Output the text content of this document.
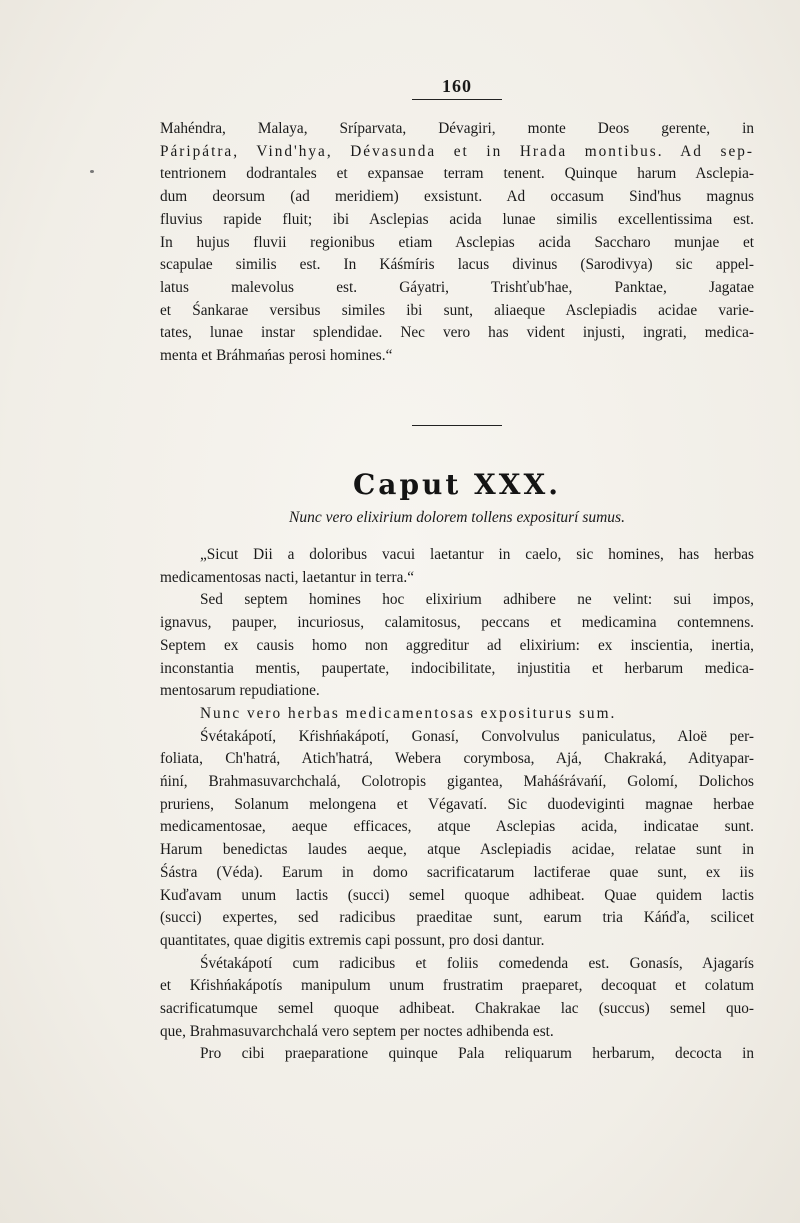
160
Mahéndra, Malaya, Sríparvata, Dévagiri, monte Deos gerente, in
Páripátra, Vind'hya, Dévasunda et in Hrada montibus. Ad sep-
tentrionem dodrantales et expansae terram tenent. Quinque harum Asclepia-
dum deorsum (ad meridiem) exsistunt. Ad occasum Sind'hus magnus
fluvius rapide fluit; ibi Asclepias acida lunae similis excellentissima est.
In hujus fluvii regionibus etiam Asclepias acida Saccharo munjae et
scapulae similis est. In Káśmíris lacus divinus (Sarodivya) sic appel-
latus malevolus est. Gáyatri, Trishťub'hae, Panktae, Jagatae
et Śankarae versibus similes ibi sunt, aliaeque Asclepiadis acidae varie-
tates, lunae instar splendidae. Nec vero has vident injusti, ingrati, medica-
menta et Bráhmańas perosi homines.“
Caput XXX.
Nunc vero elixirium dolorem tollens expositurí sumus.
„Sicut Dii a doloribus vacui laetantur in caelo, sic homines, has herbas
medicamentosas nacti, laetantur in terra.“
Sed septem homines hoc elixirium adhibere ne velint: sui impos,
ignavus, pauper, incuriosus, calamitosus, peccans et medicamina contemnens.
Septem ex causis homo non aggreditur ad elixirium: ex inscientia, inertia,
inconstantia mentis, paupertate, indocibilitate, injustitia et herbarum medica-
mentosarum repudiatione.
Nunc vero herbas medicamentosas expositurus sum.
Śvétakápotí, Kŕishńakápotí, Gonasí, Convolvulus paniculatus, Aloë per-
foliata, Ch'hatrá, Atich'hatrá, Webera corymbosa, Ajá, Chakraká, Adityapar-
ńiní, Brahmasuvarchchalá, Colotropis gigantea, Maháśrávańí, Golomí, Dolichos
pruriens, Solanum melongena et Végavatí. Sic duodeviginti magnae herbae
medicamentosae, aeque efficaces, atque Asclepias acida, indicatae sunt.
Harum benedictas laudes aeque, atque Asclepiadis acidae, relatae sunt in
Śástra (Véda). Earum in domo sacrificatarum lactiferae quae sunt, ex iis
Kuďavam unum lactis (succi) semel quoque adhibeat. Quae quidem lactis
(succi) expertes, sed radicibus praeditae sunt, earum tria Káńďa, scilicet
quantitates, quae digitis extremis capi possunt, pro dosi dantur.
Śvétakápotí cum radicibus et foliis comedenda est. Gonasís, Ajagarís
et Kŕishńakápotís manipulum unum frustratim praeparet, decoquat et colatum
sacrificatumque semel quoque adhibeat. Chakrakae lac (succus) semel quo-
que, Brahmasuvarchchalá vero septem per noctes adhibenda est.
Pro cibi praeparatione quinque Pala reliquarum herbarum, decocta in
